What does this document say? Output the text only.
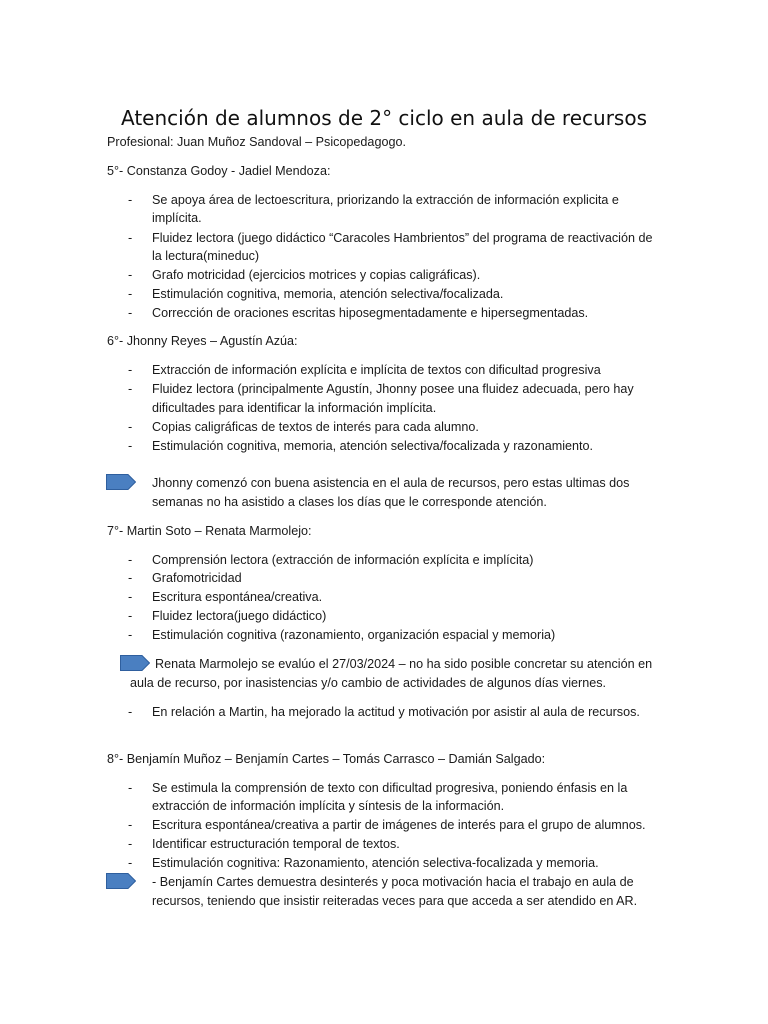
Atención de alumnos de 2° ciclo en aula de recursos
Profesional: Juan Muñoz Sandoval – Psicopedagogo.
5°- Constanza Godoy - Jadiel Mendoza:
- Se apoya área de lectoescritura, priorizando la extracción de información explicita e
implícita.
- Fluidez lectora (juego didáctico “Caracoles Hambrientos” del programa de reactivación de
la lectura(mineduc)
- Grafo motricidad (ejercicios motrices y copias caligráficas).
- Estimulación cognitiva, memoria, atención selectiva/focalizada.
- Corrección de oraciones escritas hiposegmentadamente e hipersegmentadas.
6°- Jhonny Reyes – Agustín Azúa:
- Extracción de información explícita e implícita de textos con dificultad progresiva
- Fluidez lectora (principalmente Agustín, Jhonny posee una fluidez adecuada, pero hay
dificultades para identificar la información implícita.
- Copias caligráficas de textos de interés para cada alumno.
- Estimulación cognitiva, memoria, atención selectiva/focalizada y razonamiento.
Jhonny comenzó con buena asistencia en el aula de recursos, pero estas ultimas dos
semanas no ha asistido a clases los días que le corresponde atención.
7°- Martin Soto – Renata Marmolejo:
- Comprensión lectora (extracción de información explícita e implícita)
- Grafomotricidad
- Escritura espontánea/creativa.
- Fluidez lectora(juego didáctico)
- Estimulación cognitiva (razonamiento, organización espacial y memoria)
Renata Marmolejo se evalúo el 27/03/2024 – no ha sido posible concretar su atención en
aula de recurso, por inasistencias y/o cambio de actividades de algunos días viernes.
- En relación a Martin, ha mejorado la actitud y motivación por asistir al aula de recursos.
8°- Benjamín Muñoz – Benjamín Cartes – Tomás Carrasco – Damián Salgado:
- Se estimula la comprensión de texto con dificultad progresiva, poniendo énfasis en la
extracción de información implícita y síntesis de la información.
- Escritura espontánea/creativa a partir de imágenes de interés para el grupo de alumnos.
- Identificar estructuración temporal de textos.
- Estimulación cognitiva: Razonamiento, atención selectiva-focalizada y memoria.
- Benjamín Cartes demuestra desinterés y poca motivación hacia el trabajo en aula de
recursos, teniendo que insistir reiteradas veces para que acceda a ser atendido en AR.
